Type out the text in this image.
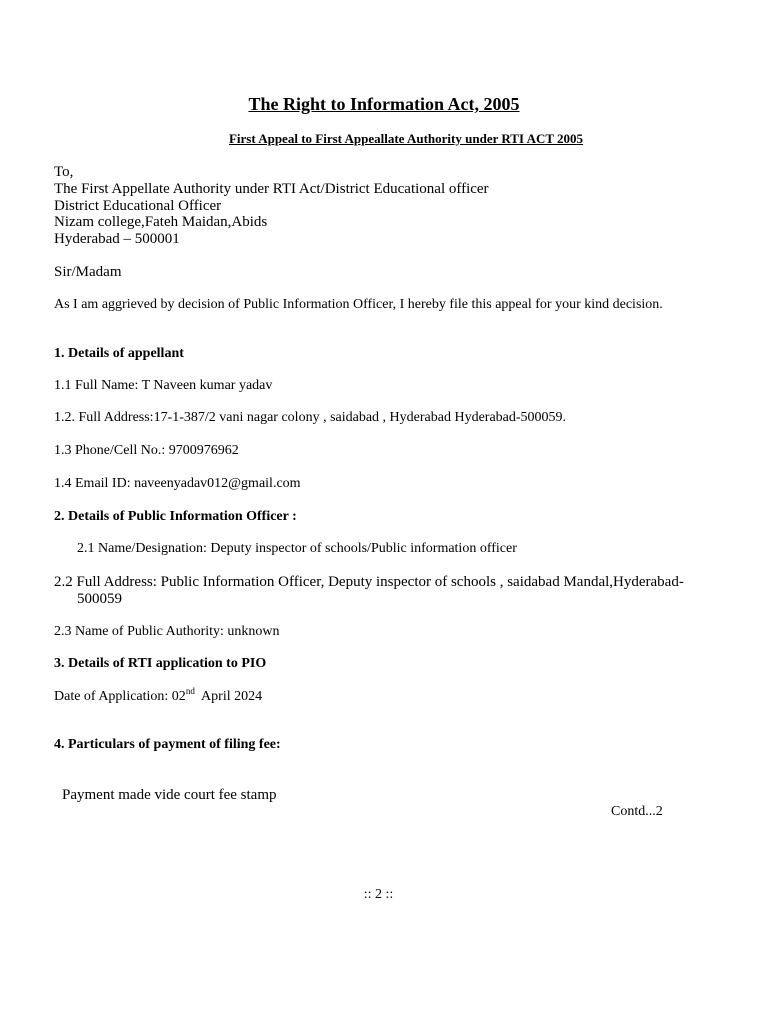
The Right to Information Act, 2005
First Appeal to First Appeallate Authority under RTI ACT 2005
To,
The First Appellate Authority under RTI Act/District Educational officer
District Educational Officer
Nizam college,Fateh Maidan,Abids
Hyderabad – 500001
Sir/Madam
As I am aggrieved by decision of Public Information Officer, I hereby file this appeal for your kind decision.
1. Details of appellant
1.1 Full Name: T Naveen kumar yadav
1.2. Full Address:17-1-387/2 vani nagar colony , saidabad , Hyderabad Hyderabad-500059.
1.3 Phone/Cell No.: 9700976962
1.4 Email ID: naveenyadav012@gmail.com
2. Details of Public Information Officer :
2.1 Name/Designation: Deputy inspector of schools/Public information officer
2.2 Full Address: Public Information Officer, Deputy inspector of schools , saidabad Mandal,Hyderabad-
500059
2.3 Name of Public Authority: unknown
3. Details of RTI application to PIO
Date of Application: 02nd  April 2024
4. Particulars of payment of filing fee:
Payment made vide court fee stamp
Contd...2
:: 2 ::
